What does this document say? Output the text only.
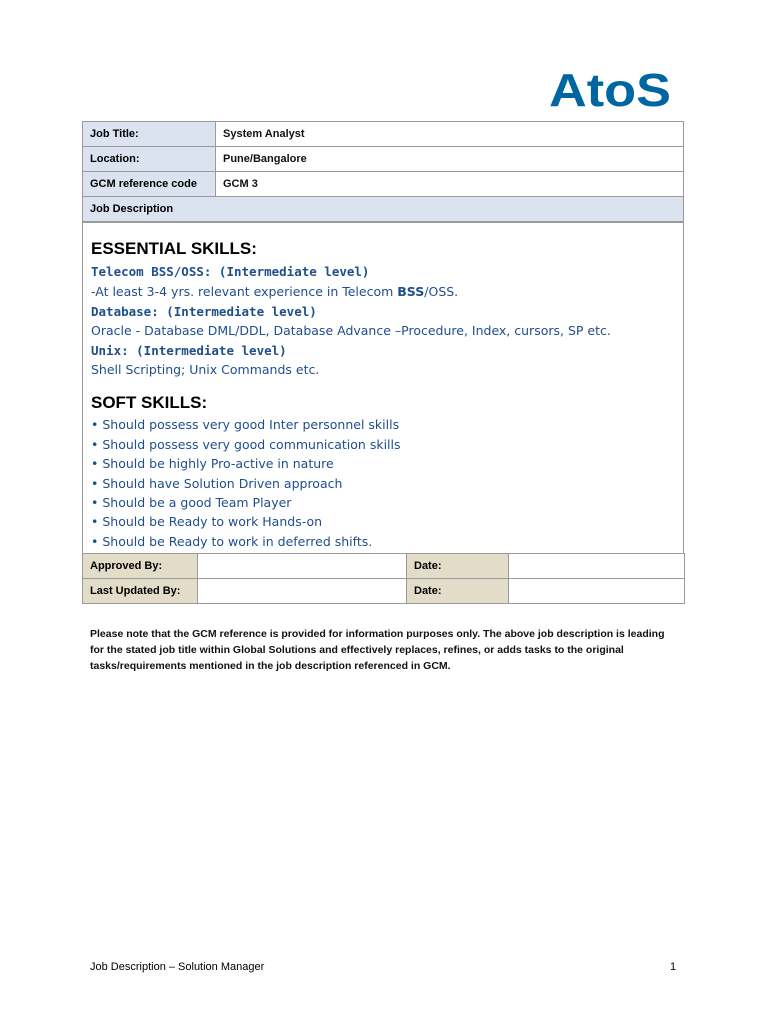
AtoS
Job Title:	System Analyst
Location:	Pune/Bangalore
GCM reference code	GCM 3
Job Description	
ESSENTIAL SKILLS:
Telecom BSS/OSS: (Intermediate level)
-At least 3-4 yrs. relevant experience in Telecom BSS/OSS.
Database: (Intermediate level)
Oracle - Database DML/DDL, Database Advance –Procedure, Index, cursors, SP etc.
Unix: (Intermediate level)
Shell Scripting; Unix Commands etc.
SOFT SKILLS:
• Should possess very good Inter personnel skills
• Should possess very good communication skills
• Should be highly Pro-active in nature
• Should have Solution Driven approach
• Should be a good Team Player
• Should be Ready to work Hands-on
• Should be Ready to work in deferred shifts.
Approved By:		Date:	
Last Updated By:		Date:	
Please note that the GCM reference is provided for information purposes only. The above job description is leading for the stated job title within Global Solutions and effectively replaces, refines, or adds tasks to the original tasks/requirements mentioned in the job description referenced in GCM.
Job Description – Solution Manager	1
